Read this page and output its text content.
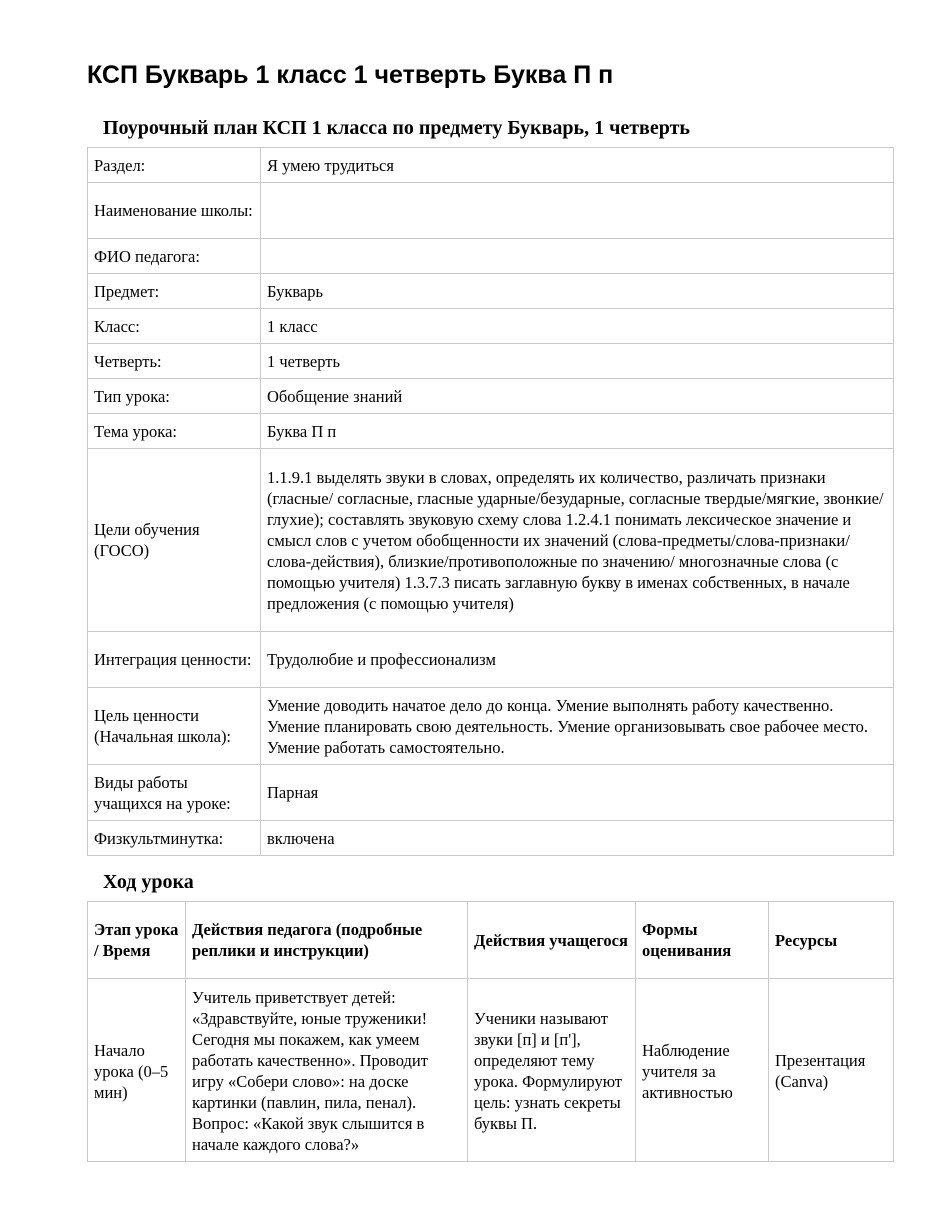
КСП Букварь 1 класс 1 четверть Буква П п
Поурочный план КСП 1 класса по предмету Букварь, 1 четверть
Раздел:	Я умею трудиться
Наименование школы:	
ФИО педагога:	
Предмет:	Букварь
Класс:	1 класс
Четверть:	1 четверть
Тип урока:	Обобщение знаний
Тема урока:	Буква П п
Цели обучения (ГОСО)	1.1.9.1 выделять звуки в словах, определять их количество, различать признаки (гласные/ согласные, гласные ударные/безударные, согласные твердые/мягкие, звонкие/глухие); составлять звуковую схему слова 1.2.4.1 понимать лексическое значение и смысл слов с учетом обобщенности их значений (слова-предметы/слова-признаки/слова-действия), близкие/противоположные по значению/ многозначные слова (с помощью учителя) 1.3.7.3 писать заглавную букву в именах собственных, в начале предложения (с помощью учителя)
Интеграция ценности:	Трудолюбие и профессионализм
Цель ценности (Начальная школа):	Умение доводить начатое дело до конца. Умение выполнять работу качественно. Умение планировать свою деятельность. Умение организовывать свое рабочее место. Умение работать самостоятельно.
Виды работы учащихся на уроке:	Парная
Физкультминутка:	включена
Ход урока
Этап урока / Время	Действия педагога (подробные реплики и инструкции)	Действия учащегося	Формы оценивания	Ресурсы
Начало урока (0–5 мин)	Учитель приветствует детей: «Здравствуйте, юные труженики! Сегодня мы покажем, как умеем работать качественно». Проводит игру «Собери слово»: на доске картинки (павлин, пила, пенал). Вопрос: «Какой звук слышится в начале каждого слова?»	Ученики называют звуки [п] и [п'], определяют тему урока. Формулируют цель: узнать секреты буквы П.	Наблюдение учителя за активностью	Презентация (Canva)
